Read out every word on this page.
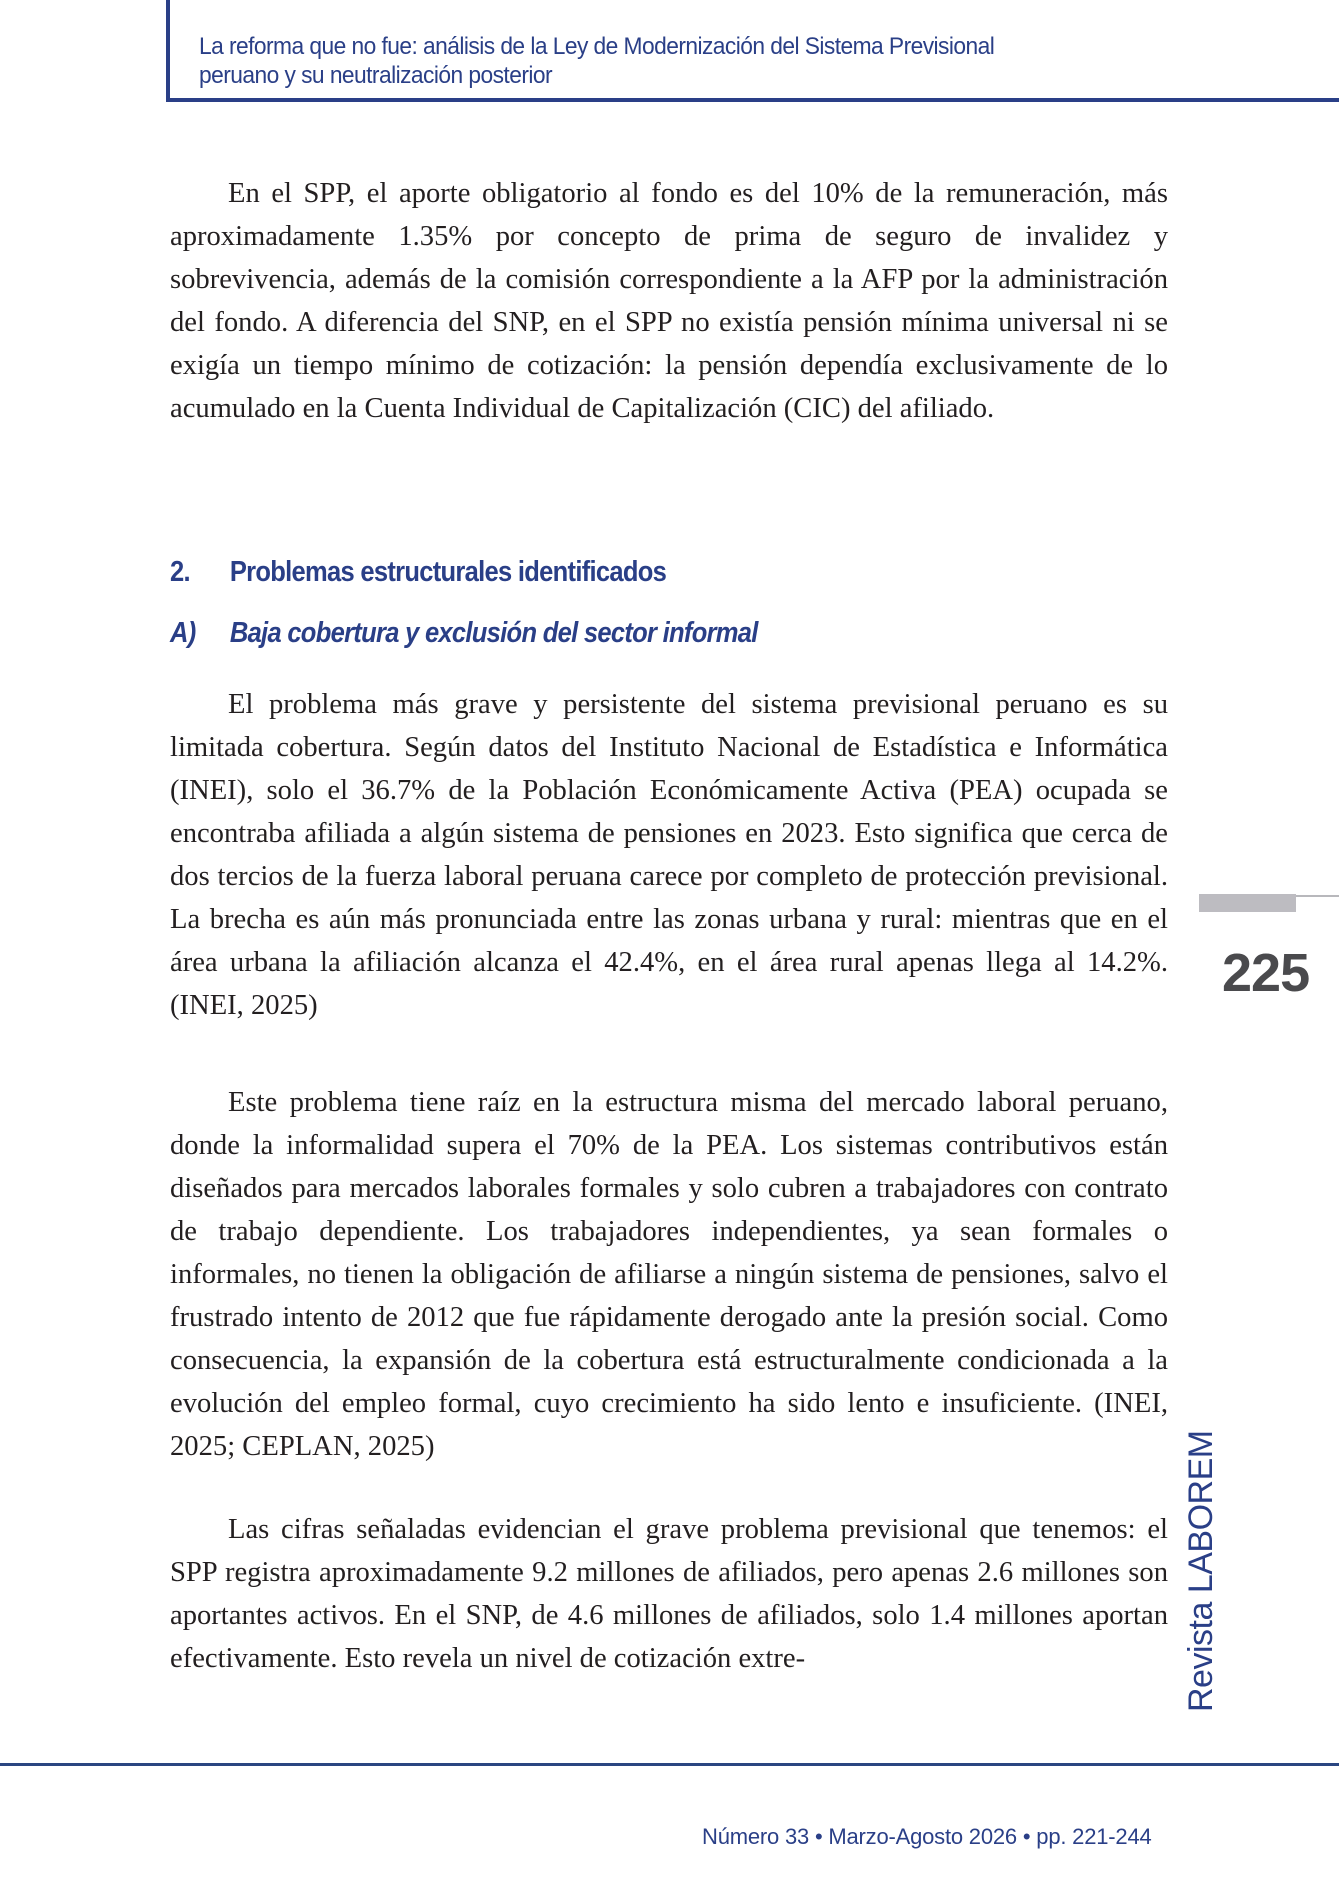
La reforma que no fue: análisis de la Ley de Modernización del Sistema Previsional
peruano y su neutralización posterior

En el SPP, el aporte obligatorio al fondo es del 10% de la remuneración, más aproximadamente 1.35% por concepto de prima de seguro de invalidez y sobrevivencia, además de la comisión correspondiente a la AFP por la administración del fondo. A diferencia del SNP, en el SPP no existía pensión mínima universal ni se exigía un tiempo mínimo de cotización: la pensión dependía exclusivamente de lo acumulado en la Cuenta Individual de Capitalización (CIC) del afiliado.

2. Problemas estructurales identificados
A) Baja cobertura y exclusión del sector informal

El problema más grave y persistente del sistema previsional peruano es su limitada cobertura. Según datos del Instituto Nacional de Estadística e Informática (INEI), solo el 36.7% de la Población Económicamente Activa (PEA) ocupada se encontraba afiliada a algún sistema de pensiones en 2023. Esto significa que cerca de dos tercios de la fuerza laboral peruana carece por completo de protección previsional. La brecha es aún más pronunciada entre las zonas urbana y rural: mientras que en el área urbana la afiliación alcanza el 42.4%, en el área rural apenas llega al 14.2%. (INEI, 2025)

Este problema tiene raíz en la estructura misma del mercado laboral peruano, donde la informalidad supera el 70% de la PEA. Los sistemas contributivos están diseñados para mercados laborales formales y solo cubren a trabajadores con contrato de trabajo dependiente. Los trabajadores independientes, ya sean formales o informales, no tienen la obligación de afiliarse a ningún sistema de pensiones, salvo el frustrado intento de 2012 que fue rápidamente derogado ante la presión social. Como consecuencia, la expansión de la cobertura está estructuralmente condicionada a la evolución del empleo formal, cuyo crecimiento ha sido lento e insuficiente. (INEI, 2025; CEPLAN, 2025)

Las cifras señaladas evidencian el grave problema previsional que tenemos: el SPP registra aproximadamente 9.2 millones de afiliados, pero apenas 2.6 millones son aportantes activos. En el SNP, de 4.6 millones de afiliados, solo 1.4 millones aportan efectivamente. Esto revela un nivel de cotización extre-

225
Revista LABOREM
Número 33 • Marzo-Agosto 2026 • pp. 221-244
